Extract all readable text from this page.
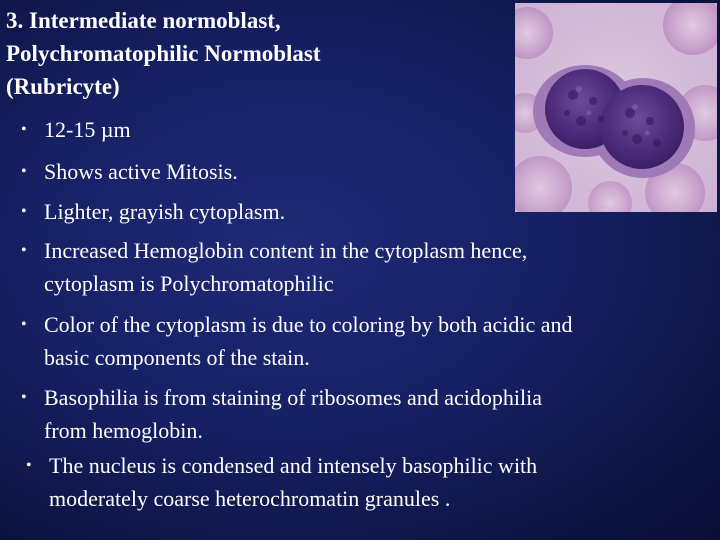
3. Intermediate normoblast,
Polychromatophilic Normoblast
(Rubricyte)
• 12-15 µm
• Shows active Mitosis.
• Lighter, grayish cytoplasm.
• Increased Hemoglobin content in the cytoplasm hence,
cytoplasm is Polychromatophilic
• Color of the cytoplasm is due to coloring by both acidic and
basic components of the stain.
• Basophilia is from staining of ribosomes and acidophilia
from hemoglobin.
• The nucleus is condensed and intensely basophilic with
moderately coarse heterochromatin granules .
